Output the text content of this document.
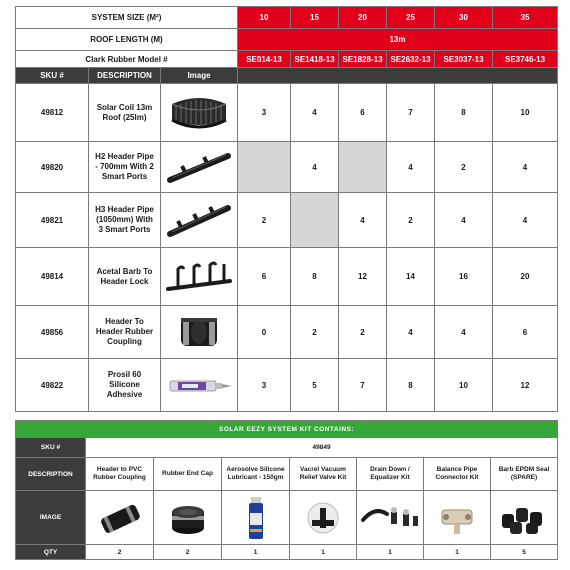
SYSTEM SIZE (M²)			10	15	20	25	30	35
ROOF LENGTH (M)			13m					
Clark Rubber Model #			SE014-13	SE1418-13	SE1828-13	SE2632-13	SE3037-13	SE3746-13
SKU #	DESCRIPTION	Image						
49812	Solar Coil 13m Roof (25lm)		3	4	6	7	8	10
49820	H2 Header Pipe - 700mm With 2 Smart Ports			4		4	2	4
49821	H3 Header Pipe (1050mm) With 3 Smart Ports		2		4	2	4	4
49814	Acetal Barb To Header Lock		6	8	12	14	16	20
49856	Header To Header Rubber Coupling		0	2	2	4	4	6
49822	Prosil 60 Silicone Adhesive		3	5	7	8	10	12
SOLAR EEZY SYSTEM KIT CONTAINS:							
SKU #	49849						
DESCRIPTION	Header to PVC Rubber Coupling	Rubber End Cap	Aerosolve Silicone Lubricant - 150gm	Vacrel Vacuum Relief Valve Kit	Drain Down / Equalizer Kit	Balance Pipe Connector Kit	Barb EPDM Seal (SPARE)
IMAGE	

QTY	2	2	1	1	1	1	5
